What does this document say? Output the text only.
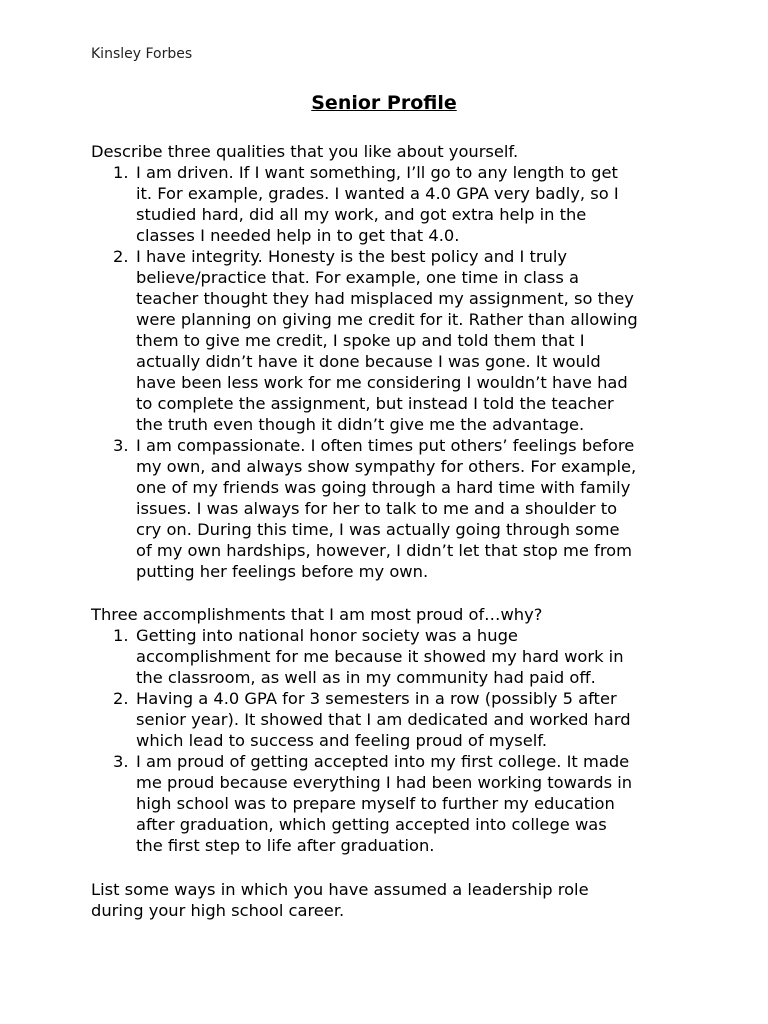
Kinsley Forbes
Senior Profile
Describe three qualities that you like about yourself.
1. I am driven. If I want something, I’ll go to any length to get
it. For example, grades. I wanted a 4.0 GPA very badly, so I
studied hard, did all my work, and got extra help in the
classes I needed help in to get that 4.0.
2. I have integrity. Honesty is the best policy and I truly
believe/practice that. For example, one time in class a
teacher thought they had misplaced my assignment, so they
were planning on giving me credit for it. Rather than allowing
them to give me credit, I spoke up and told them that I
actually didn’t have it done because I was gone. It would
have been less work for me considering I wouldn’t have had
to complete the assignment, but instead I told the teacher
the truth even though it didn’t give me the advantage.
3. I am compassionate. I often times put others’ feelings before
my own, and always show sympathy for others. For example,
one of my friends was going through a hard time with family
issues. I was always for her to talk to me and a shoulder to
cry on. During this time, I was actually going through some
of my own hardships, however, I didn’t let that stop me from
putting her feelings before my own.
Three accomplishments that I am most proud of…why?
1. Getting into national honor society was a huge
accomplishment for me because it showed my hard work in
the classroom, as well as in my community had paid off.
2. Having a 4.0 GPA for 3 semesters in a row (possibly 5 after
senior year). It showed that I am dedicated and worked hard
which lead to success and feeling proud of myself.
3. I am proud of getting accepted into my first college. It made
me proud because everything I had been working towards in
high school was to prepare myself to further my education
after graduation, which getting accepted into college was
the first step to life after graduation.
List some ways in which you have assumed a leadership role
during your high school career.
